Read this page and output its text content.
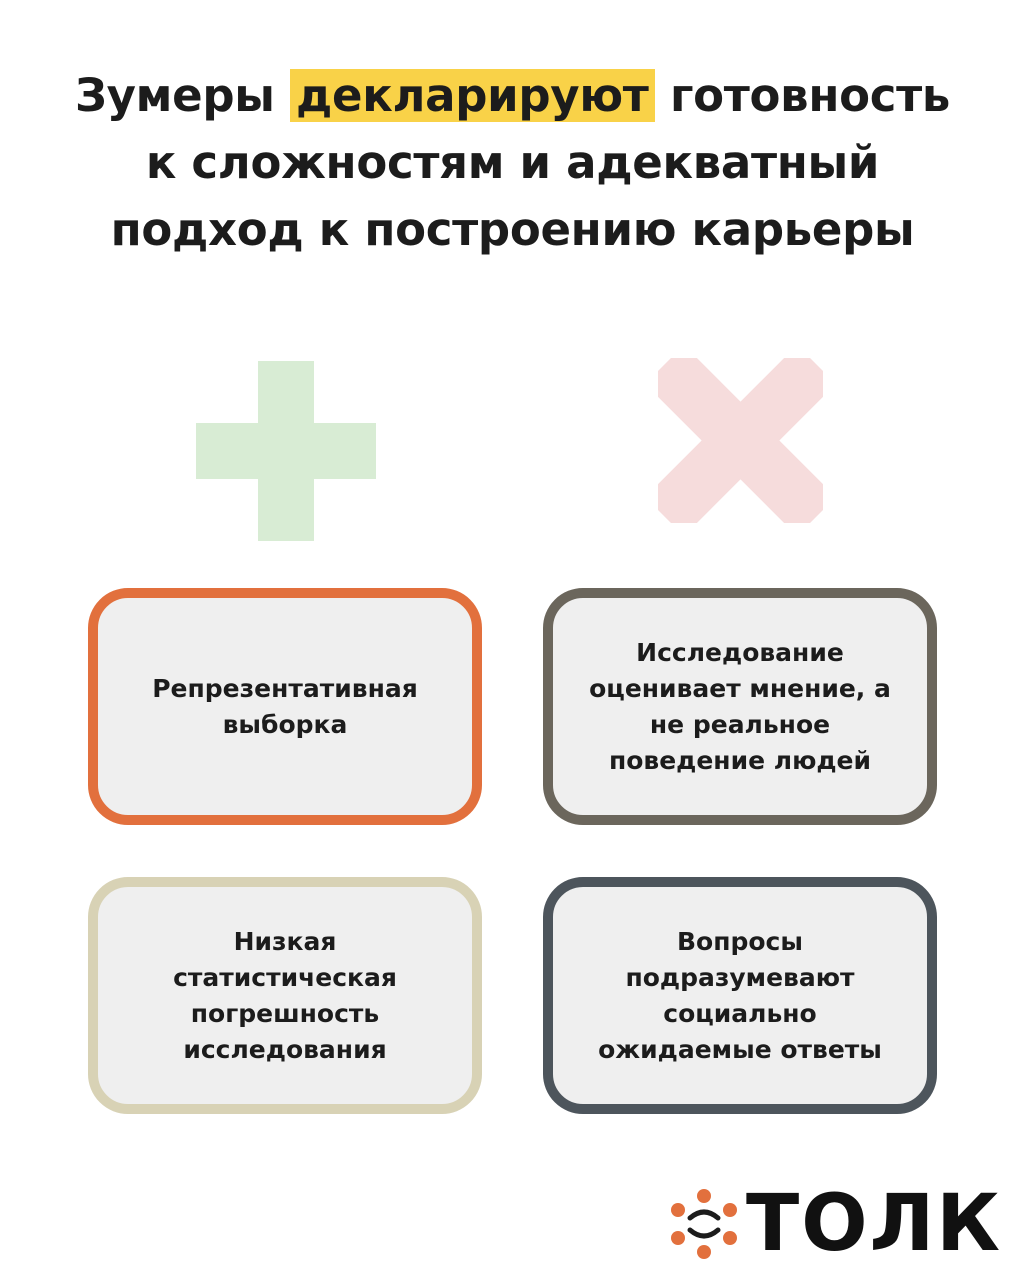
Зумеры декларируют готовность к сложностям и адекватный подход к построению карьеры
Репрезентативная выборка
Исследование оценивает мнение, а не реальное поведение людей
Низкая статистическая погрешность исследования
Вопросы подразумевают социально ожидаемые ответы
ТОЛК
